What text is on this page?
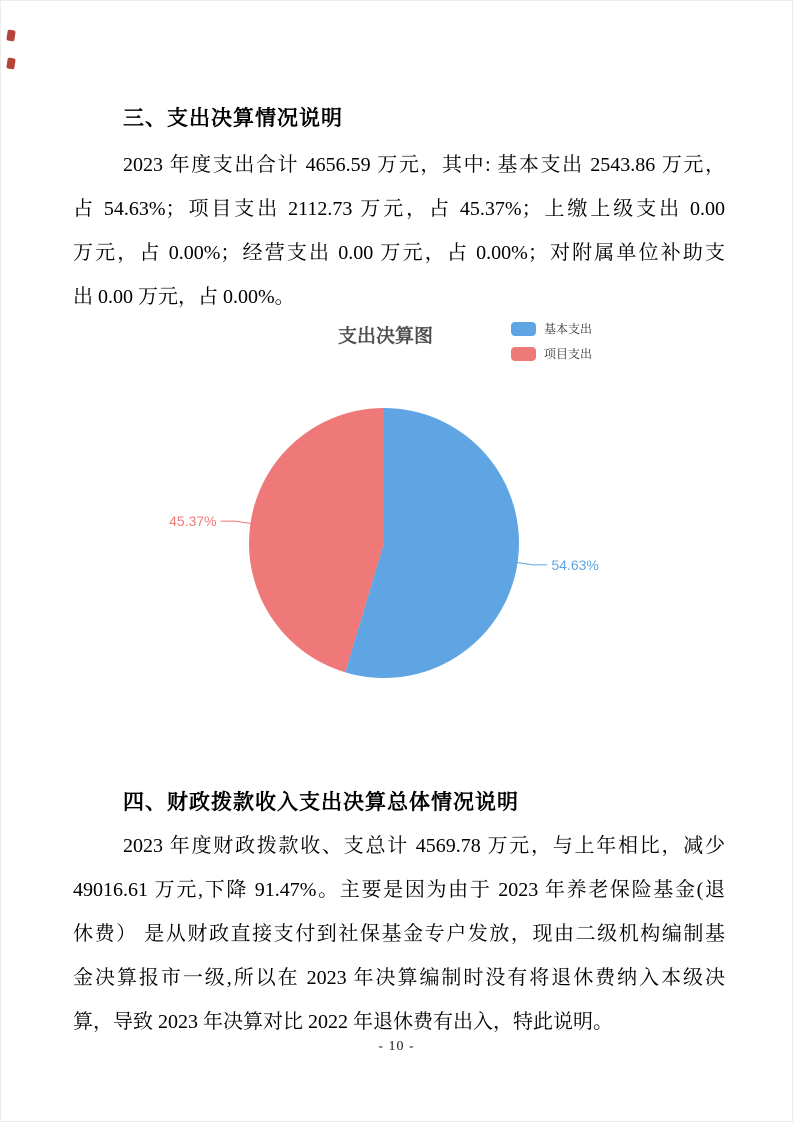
三、支出决算情况说明
2023 年度支出合计 4656.59 万元，其中: 基本支出 2543.86 万元，
占 54.63%；项目支出 2112.73 万元，占 45.37%；上缴上级支出 0.00
万元，占 0.00%；经营支出 0.00 万元，占 0.00%；对附属单位补助支
出 0.00 万元，占 0.00%。
支出决算图	基本支出
项目支出
54.63%
45.37%
四、财政拨款收入支出决算总体情况说明
2023 年度财政拨款收、支总计 4569.78 万元，与上年相比，减少
49016.61 万元,下降 91.47%。主要是因为由于 2023 年养老保险基金(退
休费） 是从财政直接支付到社保基金专户发放，现由二级机构编制基
金决算报市一级,所以在 2023 年决算编制时没有将退休费纳入本级决
算，导致 2023 年决算对比 2022 年退休费有出入，特此说明。
- 10 -
